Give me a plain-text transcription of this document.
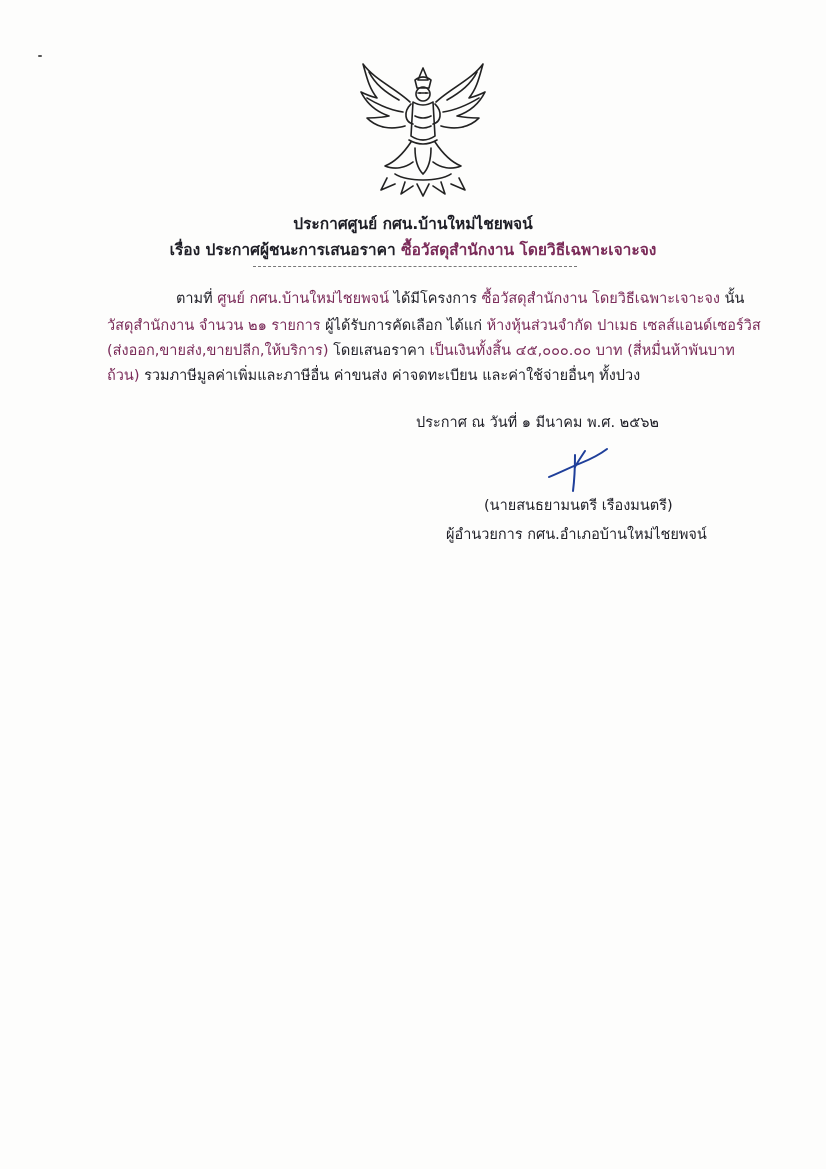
ประกาศศูนย์ กศน.บ้านใหม่ไชยพจน์
เรื่อง ประกาศผู้ชนะการเสนอราคา ซื้อวัสดุสำนักงาน โดยวิธีเฉพาะเจาะจง
ตามที่ ศูนย์ กศน.บ้านใหม่ไชยพจน์ ได้มีโครงการ ซื้อวัสดุสำนักงาน โดยวิธีเฉพาะเจาะจง นั้น
วัสดุสำนักงาน จำนวน ๒๑ รายการ ผู้ได้รับการคัดเลือก ได้แก่ ห้างหุ้นส่วนจำกัด ปาเมธ เซลส์แอนด์เซอร์วิส
(ส่งออก,ขายส่ง,ขายปลีก,ให้บริการ) โดยเสนอราคา เป็นเงินทั้งสิ้น ๔๕,๐๐๐.๐๐ บาท (สี่หมื่นห้าพันบาท
ถ้วน) รวมภาษีมูลค่าเพิ่มและภาษีอื่น ค่าขนส่ง ค่าจดทะเบียน และค่าใช้จ่ายอื่นๆ ทั้งปวง
ประกาศ ณ วันที่ ๑ มีนาคม พ.ศ. ๒๕๖๒
(นายสนธยามนตรี เรืองมนตรี)
ผู้อำนวยการ กศน.อำเภอบ้านใหม่ไชยพจน์
